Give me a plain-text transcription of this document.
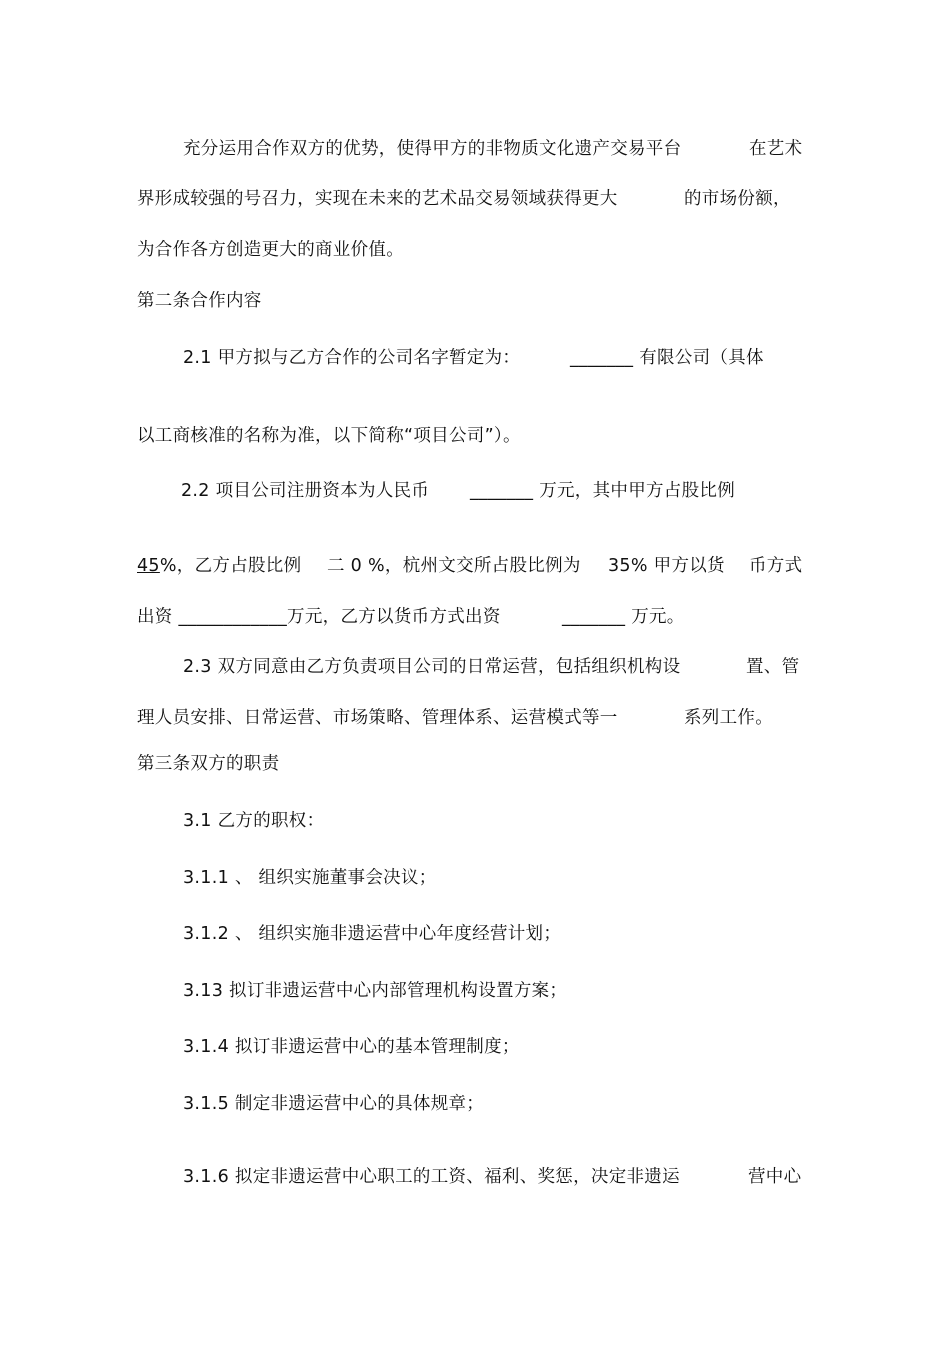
充分运用合作双方的优势，使得甲方的非物质文化遗产交易平台	在艺术
界形成较强的号召力，实现在未来的艺术品交易领域获得更大	的市场份额，
为合作各方创造更大的商业价值。
第二条合作内容
2.1 甲方拟与乙方合作的公司名字暂定为：	_______ 有限公司（具体
以工商核准的名称为准，以下简称“项目公司”）。
2.2 项目公司注册资本为人民币 _______ 万元，其中甲方占股比例
45%，乙方占股比例 二 0 %，杭州文交所占股比例为 35% 甲方以货 币方式
出资 ____________万元，乙方以货币方式出资	_______ 万元。
2.3 双方同意由乙方负责项目公司的日常运营，包括组织机构设	置、管
理人员安排、日常运营、市场策略、管理体系、运营模式等一	系列工作。
第三条双方的职责
3.1 乙方的职权：
3.1.1 、 组织实施董事会决议；
3.1.2 、 组织实施非遗运营中心年度经营计划；
3.13 拟订非遗运营中心内部管理机构设置方案；
3.1.4 拟订非遗运营中心的基本管理制度；
3.1.5 制定非遗运营中心的具体规章；
3.1.6 拟定非遗运营中心职工的工资、福利、奖惩，决定非遗运	营中心
